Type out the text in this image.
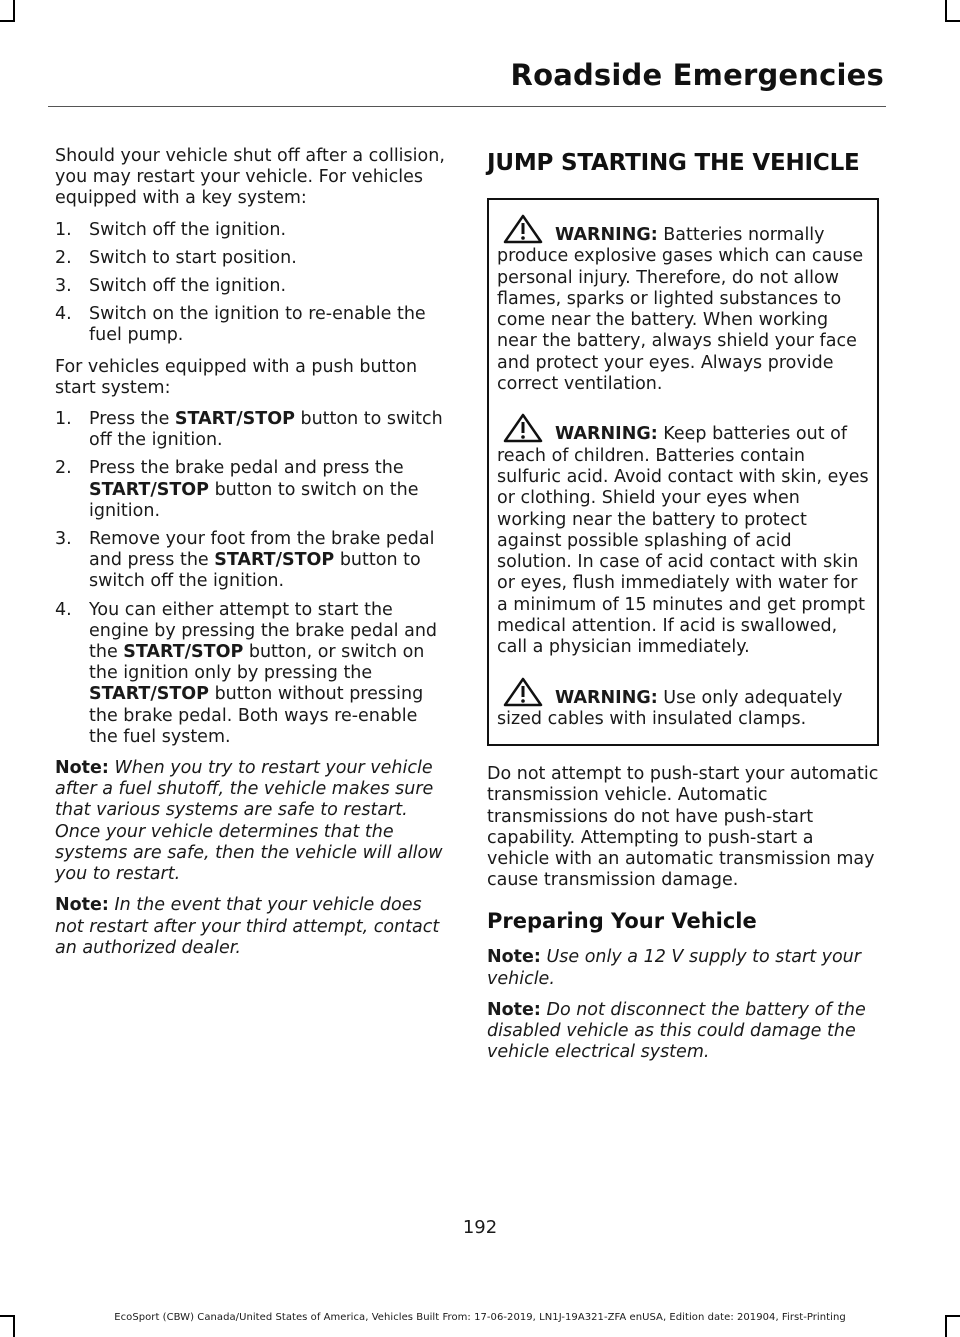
Roadside Emergencies

Should your vehicle shut off after a collision, you may restart your vehicle. For vehicles equipped with a key system:

1. Switch off the ignition.
2. Switch to start position.
3. Switch off the ignition.
4. Switch on the ignition to re-enable the fuel pump.

For vehicles equipped with a push button start system:

1. Press the START/STOP button to switch off the ignition.
2. Press the brake pedal and press the START/STOP button to switch on the ignition.
3. Remove your foot from the brake pedal and press the START/STOP button to switch off the ignition.
4. You can either attempt to start the engine by pressing the brake pedal and the START/STOP button, or switch on the ignition only by pressing the START/STOP button without pressing the brake pedal. Both ways re-enable the fuel system.

Note: When you try to restart your vehicle after a fuel shutoff, the vehicle makes sure that various systems are safe to restart. Once your vehicle determines that the systems are safe, then the vehicle will allow you to restart.

Note: In the event that your vehicle does not restart after your third attempt, contact an authorized dealer.

JUMP STARTING THE VEHICLE
WARNING: Batteries normally produce explosive gases which can cause personal injury. Therefore, do not allow flames, sparks or lighted substances to come near the battery. When working near the battery, always shield your face and protect your eyes. Always provide correct ventilation.
WARNING: Keep batteries out of reach of children. Batteries contain sulfuric acid. Avoid contact with skin, eyes or clothing. Shield your eyes when working near the battery to protect against possible splashing of acid solution. In case of acid contact with skin or eyes, flush immediately with water for a minimum of 15 minutes and get prompt medical attention. If acid is swallowed, call a physician immediately.
WARNING: Use only adequately sized cables with insulated clamps.

Do not attempt to push-start your automatic transmission vehicle. Automatic transmissions do not have push-start capability. Attempting to push-start a vehicle with an automatic transmission may cause transmission damage.

Preparing Your Vehicle

Note: Use only a 12 V supply to start your vehicle.

Note: Do not disconnect the battery of the disabled vehicle as this could damage the vehicle electrical system.

192
EcoSport (CBW) Canada/United States of America, Vehicles Built From: 17-06-2019, LN1J-19A321-ZFA enUSA, Edition date: 201904, First-Printing
